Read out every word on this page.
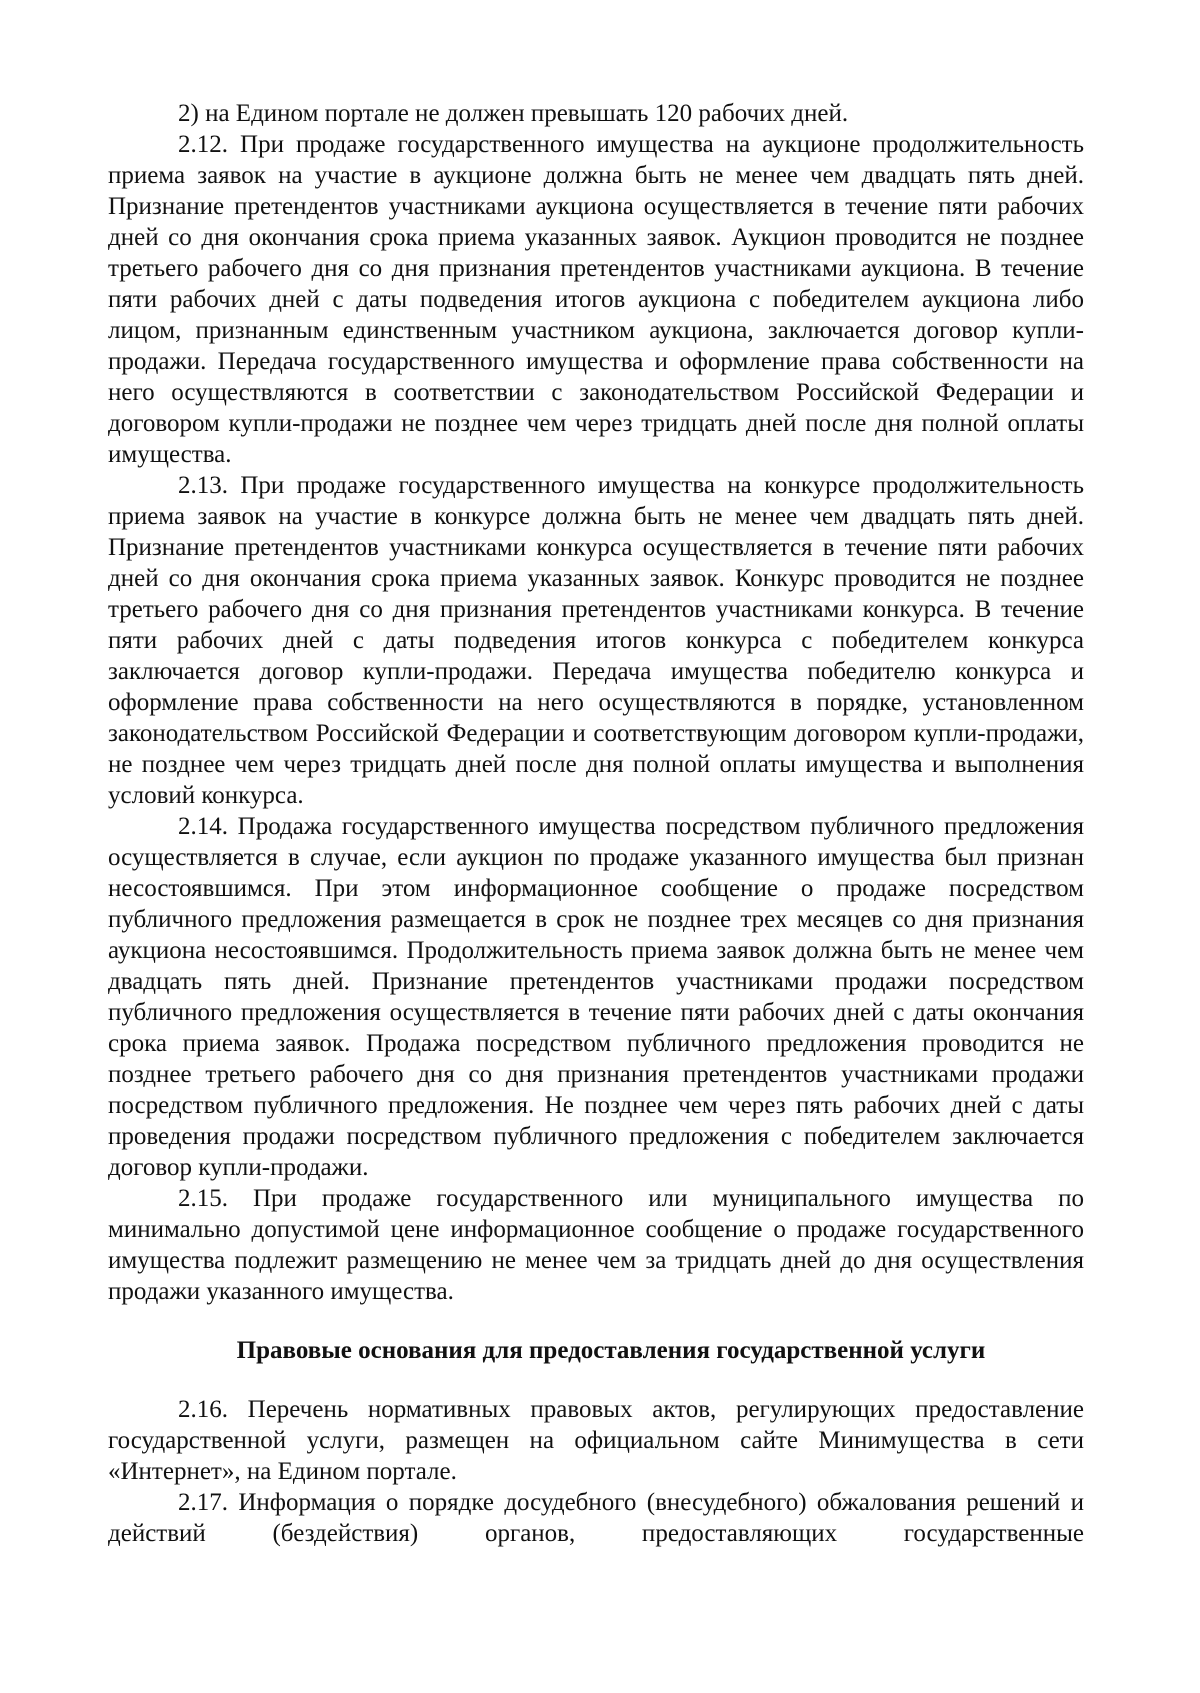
2) на Едином портале не должен превышать 120 рабочих дней.

2.12. При продаже государственного имущества на аукционе продолжительность приема заявок на участие в аукционе должна быть не менее чем двадцать пять дней. Признание претендентов участниками аукциона осуществляется в течение пяти рабочих дней со дня окончания срока приема указанных заявок. Аукцион проводится не позднее третьего рабочего дня со дня признания претендентов участниками аукциона. В течение пяти рабочих дней с даты подведения итогов аукциона с победителем аукциона либо лицом, признанным единственным участником аукциона, заключается договор купли-продажи. Передача государственного имущества и оформление права собственности на него осуществляются в соответствии с законодательством Российской Федерации и договором купли-продажи не позднее чем через тридцать дней после дня полной оплаты имущества.

2.13. При продаже государственного имущества на конкурсе продолжительность приема заявок на участие в конкурсе должна быть не менее чем двадцать пять дней. Признание претендентов участниками конкурса осуществляется в течение пяти рабочих дней со дня окончания срока приема указанных заявок. Конкурс проводится не позднее третьего рабочего дня со дня признания претендентов участниками конкурса. В течение пяти рабочих дней с даты подведения итогов конкурса с победителем конкурса заключается договор купли-продажи. Передача имущества победителю конкурса и оформление права собственности на него осуществляются в порядке, установленном законодательством Российской Федерации и соответствующим договором купли-продажи, не позднее чем через тридцать дней после дня полной оплаты имущества и выполнения условий конкурса.

2.14. Продажа государственного имущества посредством публичного предложения осуществляется в случае, если аукцион по продаже указанного имущества был признан несостоявшимся. При этом информационное сообщение о продаже посредством публичного предложения размещается в срок не позднее трех месяцев со дня признания аукциона несостоявшимся. Продолжительность приема заявок должна быть не менее чем двадцать пять дней. Признание претендентов участниками продажи посредством публичного предложения осуществляется в течение пяти рабочих дней с даты окончания срока приема заявок. Продажа посредством публичного предложения проводится не позднее третьего рабочего дня со дня признания претендентов участниками продажи посредством публичного предложения. Не позднее чем через пять рабочих дней с даты проведения продажи посредством публичного предложения с победителем заключается договор купли-продажи.

2.15. При продаже государственного или муниципального имущества по минимально допустимой цене информационное сообщение о продаже государственного имущества подлежит размещению не менее чем за тридцать дней до дня осуществления продажи указанного имущества.

Правовые основания для предоставления государственной услуги

2.16. Перечень нормативных правовых актов, регулирующих предоставление государственной услуги, размещен на официальном сайте Минимущества в сети «Интернет», на Едином портале.

2.17. Информация о порядке досудебного (внесудебного) обжалования решений и действий (бездействия) органов, предоставляющих государственные
